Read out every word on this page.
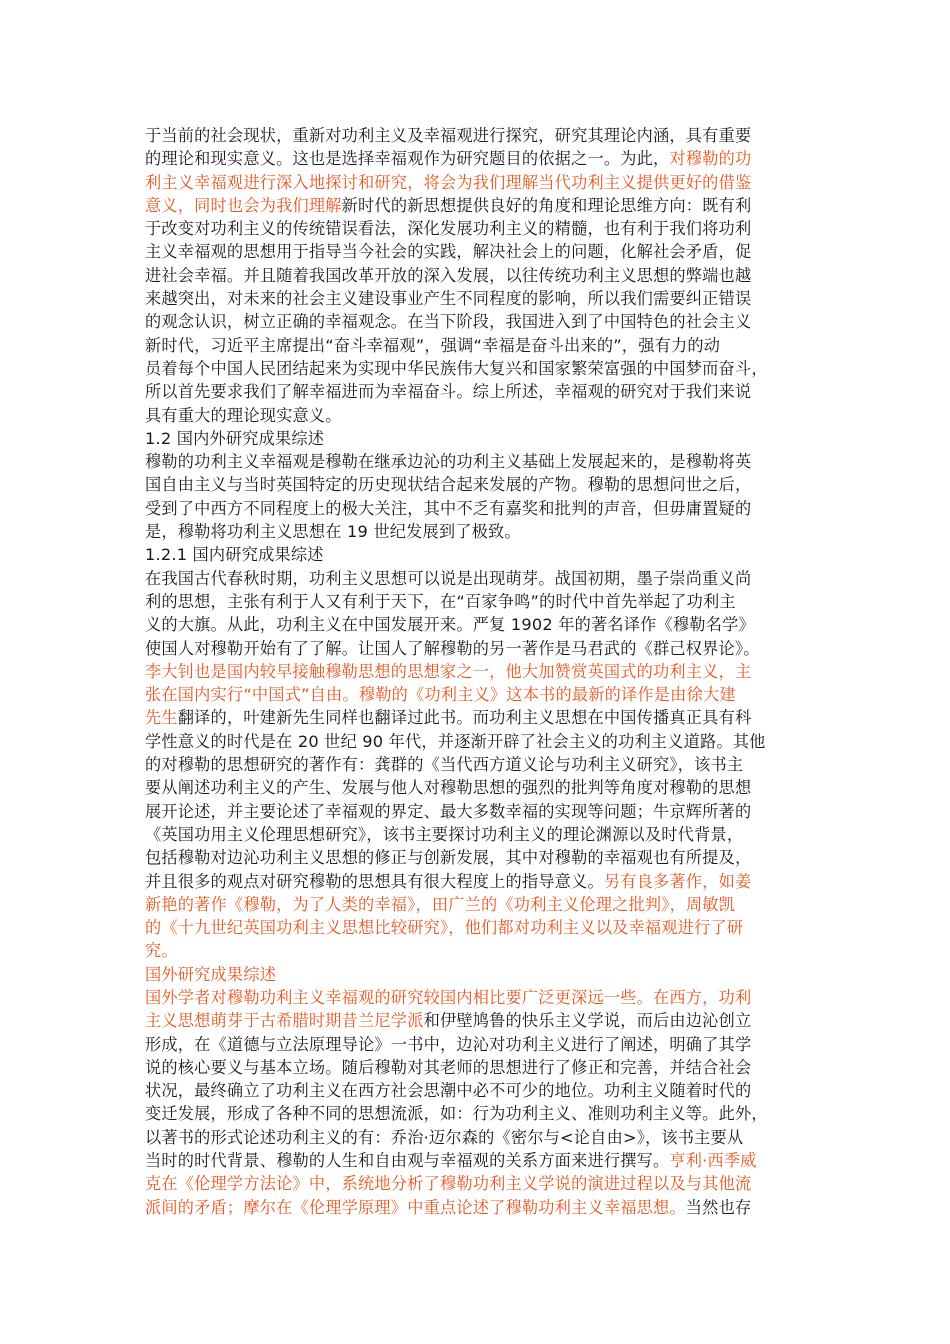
于当前的社会现状，重新对功利主义及幸福观进行探究，研究其理论内涵，具有重要
的理论和现实意义。这也是选择幸福观作为研究题目的依据之一。为此，对穆勒的功
利主义幸福观进行深入地探讨和研究，将会为我们理解当代功利主义提供更好的借鉴
意义，同时也会为我们理解新时代的新思想提供良好的角度和理论思维方向：既有利
于改变对功利主义的传统错误看法，深化发展功利主义的精髓，也有利于我们将功利
主义幸福观的思想用于指导当今社会的实践，解决社会上的问题，化解社会矛盾，促
进社会幸福。并且随着我国改革开放的深入发展，以往传统功利主义思想的弊端也越
来越突出，对未来的社会主义建设事业产生不同程度的影响，所以我们需要纠正错误
的观念认识，树立正确的幸福观念。在当下阶段，我国进入到了中国特色的社会主义
新时代，习近平主席提出“奋斗幸福观”，强调“幸福是奋斗出来的”，强有力的动
员着每个中国人民团结起来为实现中华民族伟大复兴和国家繁荣富强的中国梦而奋斗，
所以首先要求我们了解幸福进而为幸福奋斗。综上所述，幸福观的研究对于我们来说
具有重大的理论现实意义。
1.2 国内外研究成果综述
穆勒的功利主义幸福观是穆勒在继承边沁的功利主义基础上发展起来的，是穆勒将英
国自由主义与当时英国特定的历史现状结合起来发展的产物。穆勒的思想问世之后，
受到了中西方不同程度上的极大关注，其中不乏有嘉奖和批判的声音，但毋庸置疑的
是，穆勒将功利主义思想在 19 世纪发展到了极致。
1.2.1 国内研究成果综述
在我国古代春秋时期，功利主义思想可以说是出现萌芽。战国初期，墨子崇尚重义尚
利的思想，主张有利于人又有利于天下，在“百家争鸣”的时代中首先举起了功利主
义的大旗。从此，功利主义在中国发展开来。严复 1902 年的著名译作《穆勒名学》
使国人对穆勒开始有了了解。让国人了解穆勒的另一著作是马君武的《群己权界论》。
李大钊也是国内较早接触穆勒思想的思想家之一，他大加赞赏英国式的功利主义，主
张在国内实行“中国式”自由。穆勒的《功利主义》这本书的最新的译作是由徐大建
先生翻译的，叶建新先生同样也翻译过此书。而功利主义思想在中国传播真正具有科
学性意义的时代是在 20 世纪 90 年代，并逐渐开辟了社会主义的功利主义道路。其他
的对穆勒的思想研究的著作有：龚群的《当代西方道义论与功利主义研究》，该书主
要从阐述功利主义的产生、发展与他人对穆勒思想的强烈的批判等角度对穆勒的思想
展开论述，并主要论述了幸福观的界定、最大多数幸福的实现等问题；牛京辉所著的
《英国功用主义伦理思想研究》，该书主要探讨功利主义的理论渊源以及时代背景，
包括穆勒对边沁功利主义思想的修正与创新发展，其中对穆勒的幸福观也有所提及，
并且很多的观点对研究穆勒的思想具有很大程度上的指导意义。另有良多著作，如姜
新艳的著作《穆勒，为了人类的幸福》，田广兰的《功利主义伦理之批判》，周敏凯
的《十九世纪英国功利主义思想比较研究》，他们都对功利主义以及幸福观进行了研
究。
国外研究成果综述
国外学者对穆勒功利主义幸福观的研究较国内相比要广泛更深远一些。在西方，功利
主义思想萌芽于古希腊时期昔兰尼学派和伊壁鸠鲁的快乐主义学说，而后由边沁创立
形成，在《道德与立法原理导论》一书中，边沁对功利主义进行了阐述，明确了其学
说的核心要义与基本立场。随后穆勒对其老师的思想进行了修正和完善，并结合社会
状况，最终确立了功利主义在西方社会思潮中必不可少的地位。功利主义随着时代的
变迁发展，形成了各种不同的思想流派，如：行为功利主义、准则功利主义等。此外，
以著书的形式论述功利主义的有：乔治·迈尔森的《密尔与<论自由>》，该书主要从
当时的时代背景、穆勒的人生和自由观与幸福观的关系方面来进行撰写。亨利·西季威
克在《伦理学方法论》中，系统地分析了穆勒功利主义学说的演进过程以及与其他流
派间的矛盾；摩尔在《伦理学原理》中重点论述了穆勒功利主义幸福思想。当然也存
